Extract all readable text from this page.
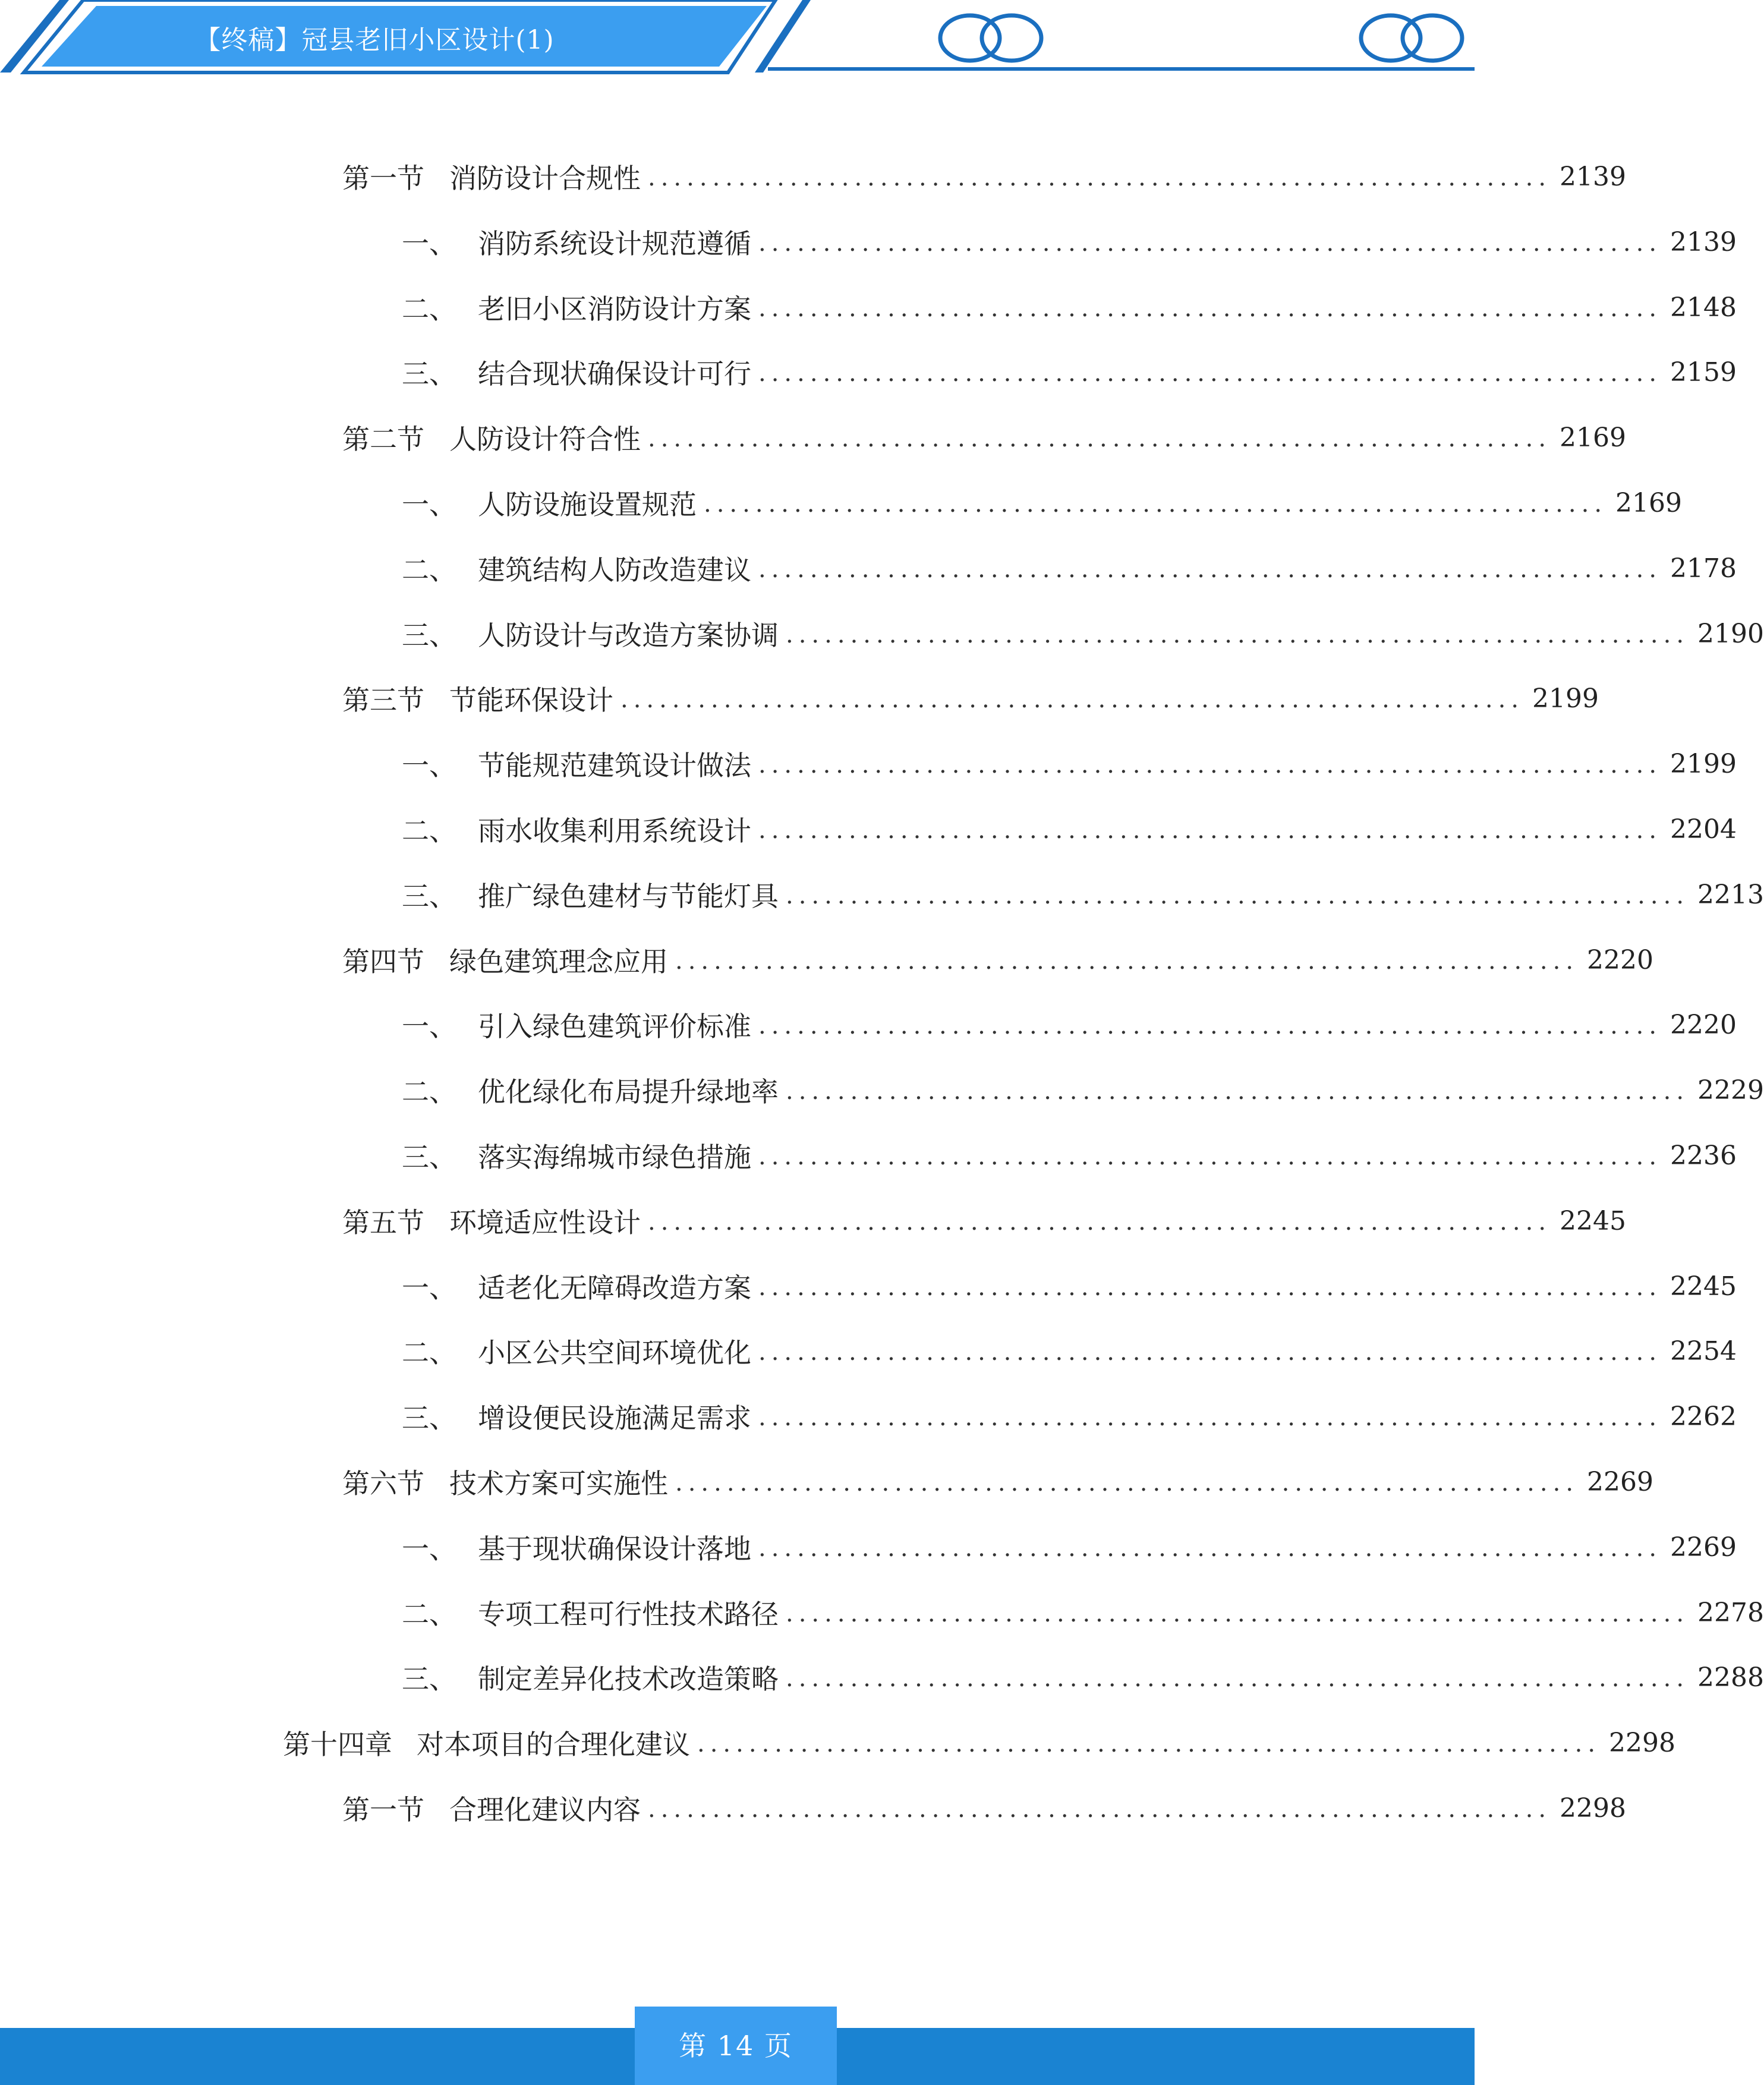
【终稿】冠县老旧小区设计(1)
第一节 消防设计合规性 ...................................................................... 2139
一、 消防系统设计规范遵循 ...................................................................... 2139
二、 老旧小区消防设计方案 ...................................................................... 2148
三、 结合现状确保设计可行 ...................................................................... 2159
第二节 人防设计符合性 ...................................................................... 2169
一、 人防设施设置规范 ...................................................................... 2169
二、 建筑结构人防改造建议 ...................................................................... 2178
三、 人防设计与改造方案协调 ...................................................................... 2190
第三节 节能环保设计 ...................................................................... 2199
一、 节能规范建筑设计做法 ...................................................................... 2199
二、 雨水收集利用系统设计 ...................................................................... 2204
三、 推广绿色建材与节能灯具 ...................................................................... 2213
第四节 绿色建筑理念应用 ...................................................................... 2220
一、 引入绿色建筑评价标准 ...................................................................... 2220
二、 优化绿化布局提升绿地率 ...................................................................... 2229
三、 落实海绵城市绿色措施 ...................................................................... 2236
第五节 环境适应性设计 ...................................................................... 2245
一、 适老化无障碍改造方案 ...................................................................... 2245
二、 小区公共空间环境优化 ...................................................................... 2254
三、 增设便民设施满足需求 ...................................................................... 2262
第六节 技术方案可实施性 ...................................................................... 2269
一、 基于现状确保设计落地 ...................................................................... 2269
二、 专项工程可行性技术路径 ...................................................................... 2278
三、 制定差异化技术改造策略 ...................................................................... 2288
第十四章 对本项目的合理化建议 ...................................................................... 2298
第一节 合理化建议内容 ...................................................................... 2298
第 14 页
